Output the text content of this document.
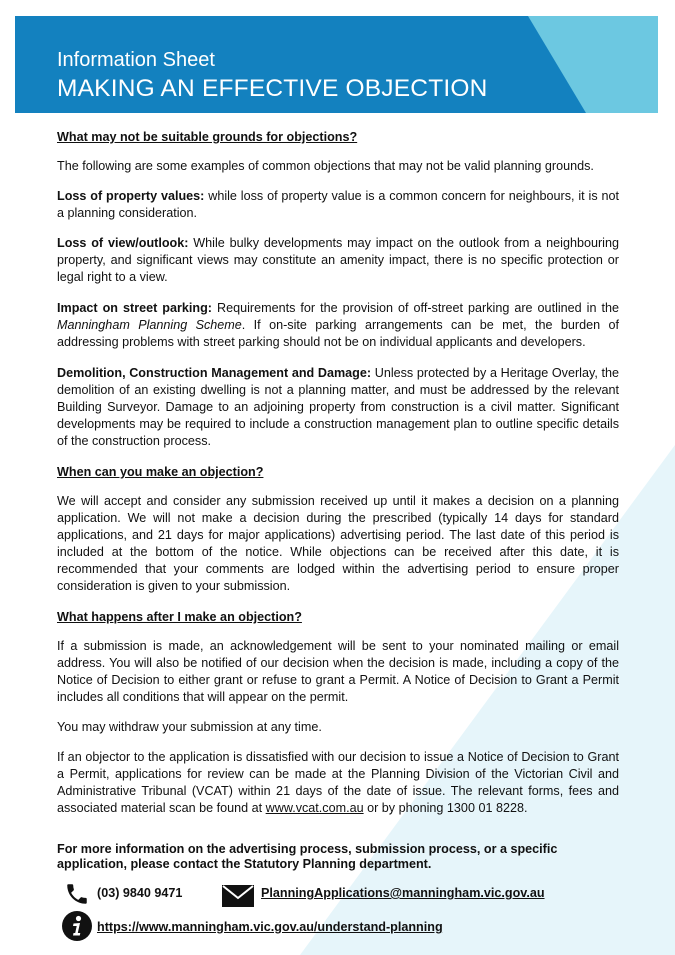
Information Sheet
MAKING AN EFFECTIVE OBJECTION
What may not be suitable grounds for objections?

The following are some examples of common objections that may not be valid planning grounds.

Loss of property values: while loss of property value is a common concern for neighbours, it is not a planning consideration.

Loss of view/outlook: While bulky developments may impact on the outlook from a neighbouring property, and significant views may constitute an amenity impact, there is no specific protection or legal right to a view.

Impact on street parking: Requirements for the provision of off-street parking are outlined in the Manningham Planning Scheme. If on-site parking arrangements can be met, the burden of addressing problems with street parking should not be on individual applicants and developers.

Demolition, Construction Management and Damage: Unless protected by a Heritage Overlay, the demolition of an existing dwelling is not a planning matter, and must be addressed by the relevant Building Surveyor. Damage to an adjoining property from construction is a civil matter. Significant developments may be required to include a construction management plan to outline specific details of the construction process.

When can you make an objection?

We will accept and consider any submission received up until it makes a decision on a planning application. We will not make a decision during the prescribed (typically 14 days for standard applications, and 21 days for major applications) advertising period. The last date of this period is included at the bottom of the notice. While objections can be received after this date, it is recommended that your comments are lodged within the advertising period to ensure proper consideration is given to your submission.

What happens after I make an objection?

If a submission is made, an acknowledgement will be sent to your nominated mailing or email address. You will also be notified of our decision when the decision is made, including a copy of the Notice of Decision to either grant or refuse to grant a Permit. A Notice of Decision to Grant a Permit includes all conditions that will appear on the permit.

You may withdraw your submission at any time.

If an objector to the application is dissatisfied with our decision to issue a Notice of Decision to Grant a Permit, applications for review can be made at the Planning Division of the Victorian Civil and Administrative Tribunal (VCAT) within 21 days of the date of issue. The relevant forms, fees and associated material scan be found at www.vcat.com.au or by phoning 1300 01 8228.

For more information on the advertising process, submission process, or a specific application, please contact the Statutory Planning department.
(03) 9840 9471	PlanningApplications@manningham.vic.gov.au
https://www.manningham.vic.gov.au/understand-planning
